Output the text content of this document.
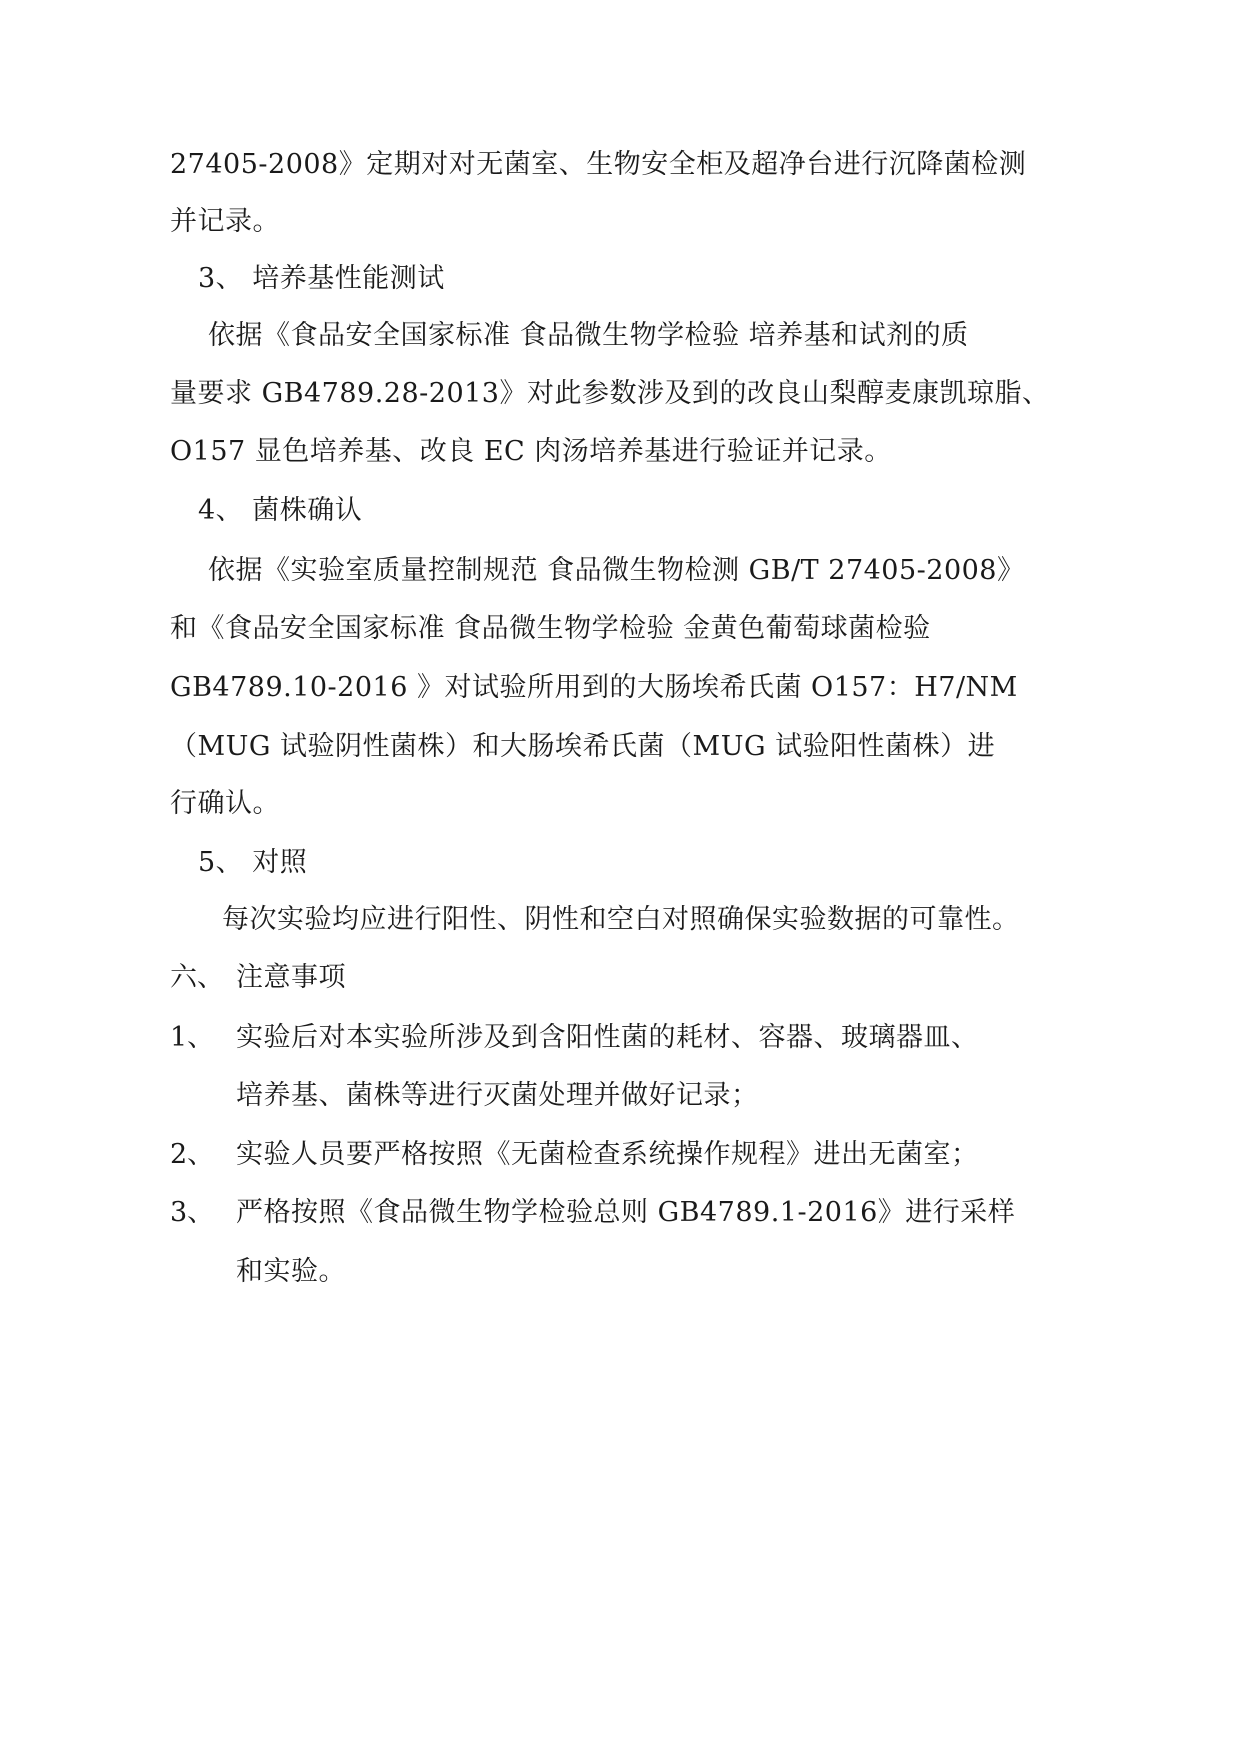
27405-2008》定期对对无菌室、生物安全柜及超净台进行沉降菌检测
并记录。
3、 培养基性能测试
依据《食品安全国家标准 食品微生物学检验 培养基和试剂的质
量要求 GB4789.28-2013》对此参数涉及到的改良山梨醇麦康凯琼脂、
O157 显色培养基、改良 EC 肉汤培养基进行验证并记录。
4、 菌株确认
依据《实验室质量控制规范 食品微生物检测 GB/T 27405-2008》
和《食品安全国家标准 食品微生物学检验 金黄色葡萄球菌检验
GB4789.10-2016 》对试验所用到的大肠埃希氏菌 O157：H7/NM
（MUG 试验阴性菌株）和大肠埃希氏菌（MUG 试验阳性菌株）进
行确认。
5、 对照
每次实验均应进行阳性、阴性和空白对照确保实验数据的可靠性。
六、 注意事项
1、 实验后对本实验所涉及到含阳性菌的耗材、容器、玻璃器皿、
培养基、菌株等进行灭菌处理并做好记录；
2、 实验人员要严格按照《无菌检查系统操作规程》进出无菌室；
3、 严格按照《食品微生物学检验总则 GB4789.1-2016》进行采样
和实验。
